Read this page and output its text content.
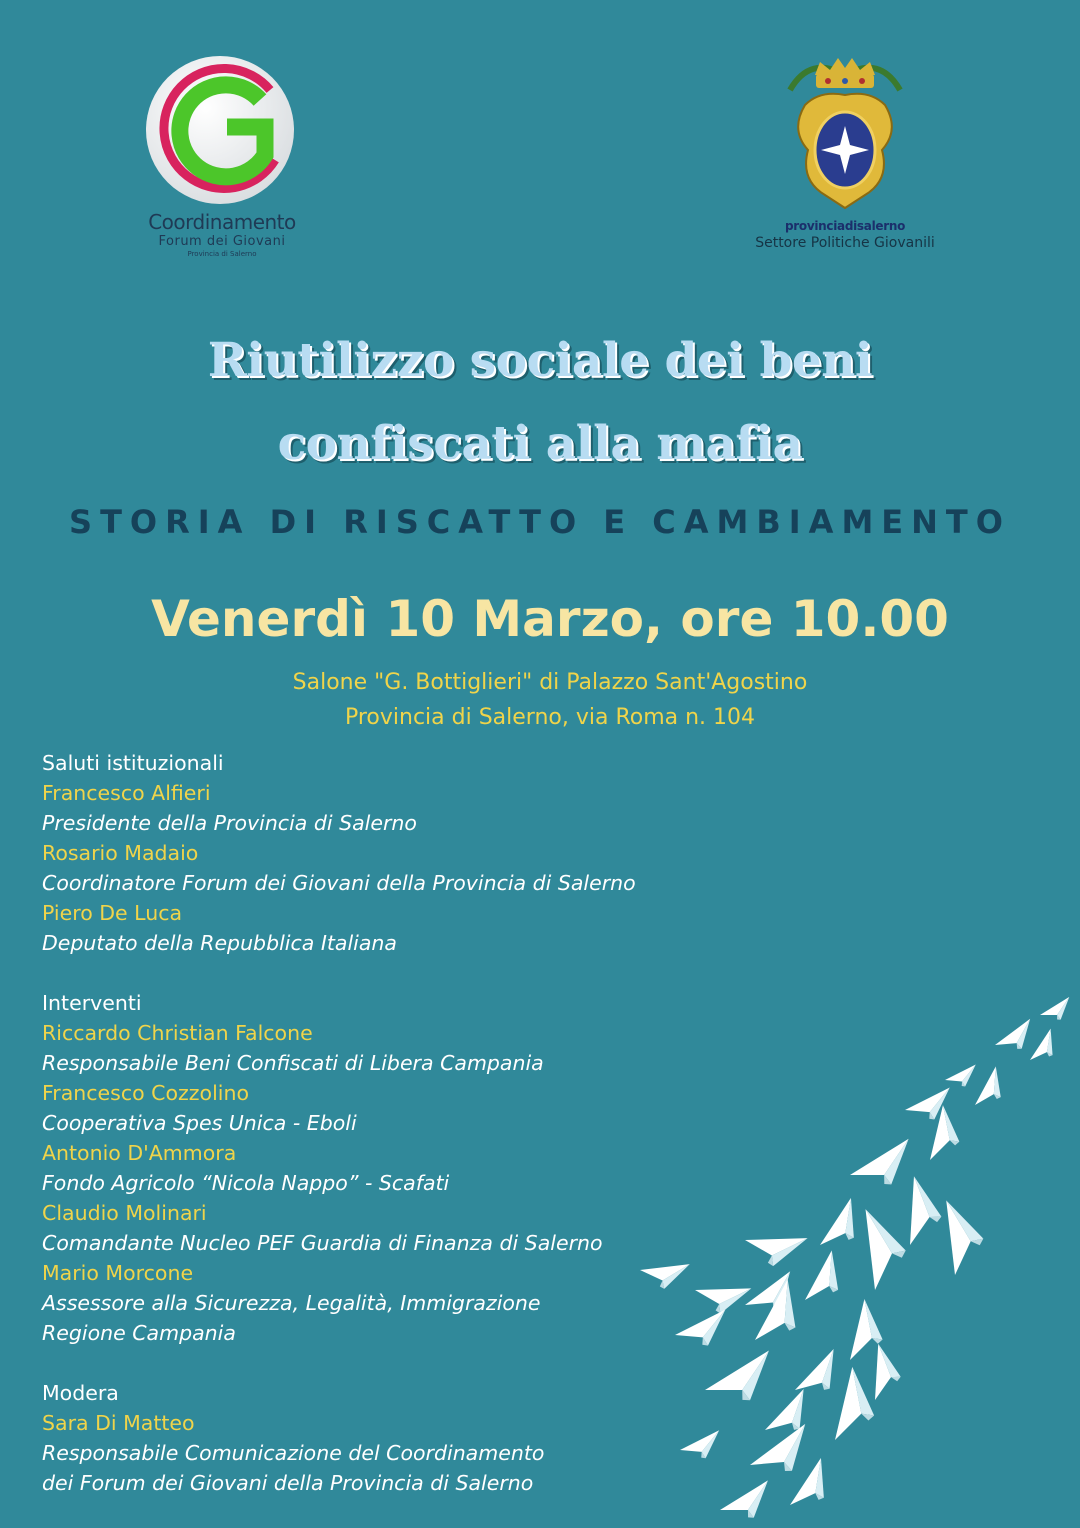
Coordinamento
Forum dei Giovani
Provincia di Salerno
provinciadisalerno
Settore Politiche Giovanili
Riutilizzo sociale dei beni
confiscati alla mafia
STORIA DI RISCATTO E CAMBIAMENTO
Venerdì 10 Marzo, ore 10.00
Salone "G. Bottiglieri" di Palazzo Sant'Agostino
Provincia di Salerno, via Roma n. 104
Saluti istituzionali
Francesco Alfieri
Presidente della Provincia di Salerno
Rosario Madaio
Coordinatore Forum dei Giovani della Provincia di Salerno
Piero De Luca
Deputato della Repubblica Italiana
Interventi
Riccardo Christian Falcone
Responsabile Beni Confiscati di Libera Campania
Francesco Cozzolino
Cooperativa Spes Unica - Eboli
Antonio D'Ammora
Fondo Agricolo “Nicola Nappo” - Scafati
Claudio Molinari
Comandante Nucleo PEF Guardia di Finanza di Salerno
Mario Morcone
Assessore alla Sicurezza, Legalità, Immigrazione
Regione Campania
Modera
Sara Di Matteo
Responsabile Comunicazione del Coordinamento
dei Forum dei Giovani della Provincia di Salerno
